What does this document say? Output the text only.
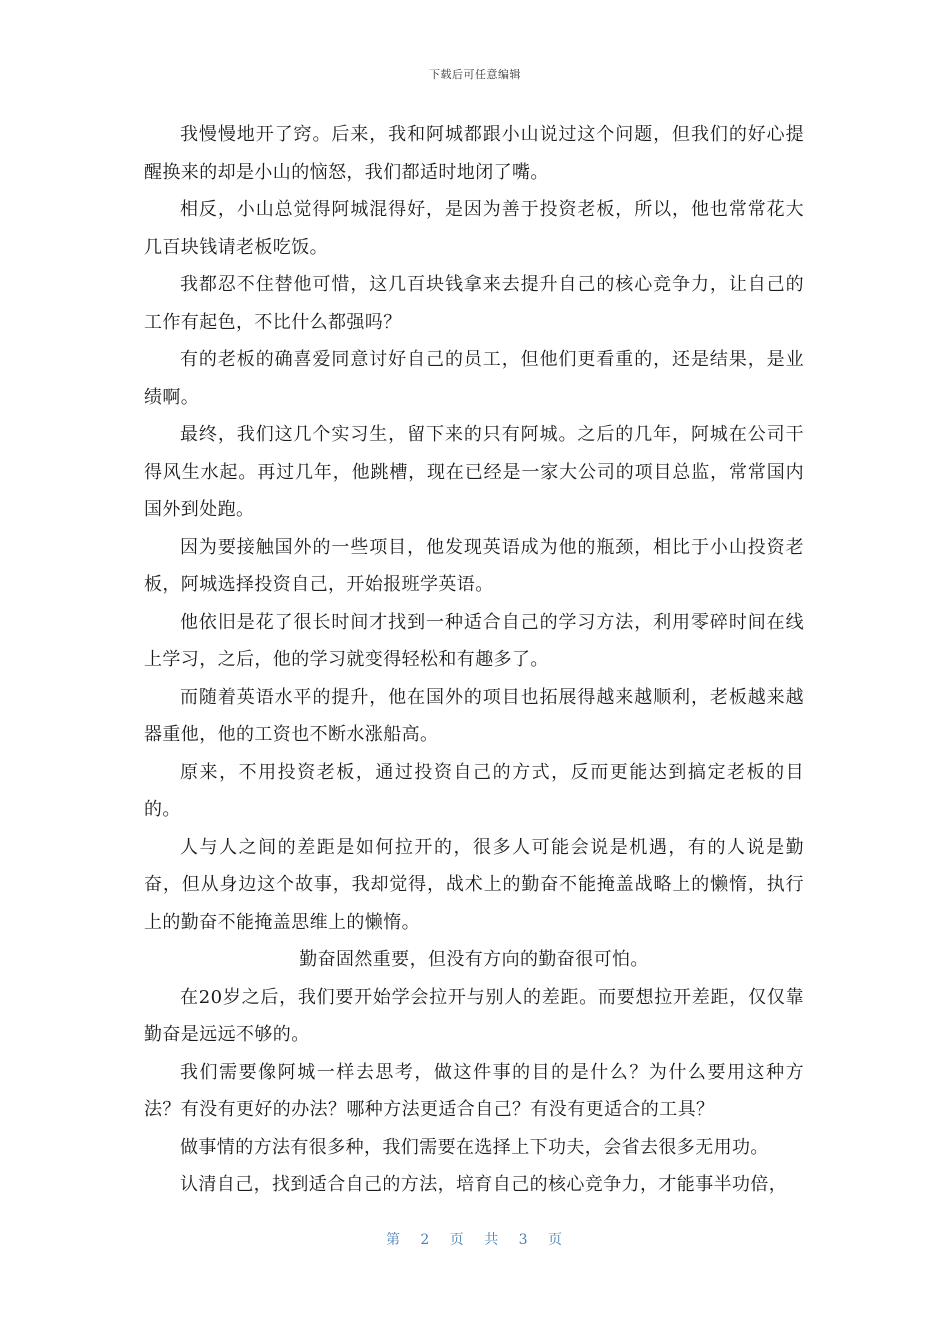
下载后可任意编辑

我慢慢地开了窍。后来，我和阿城都跟小山说过这个问题，但我们的好心提醒换来的却是小山的恼怒，我们都适时地闭了嘴。

相反，小山总觉得阿城混得好，是因为善于投资老板，所以，他也常常花大几百块钱请老板吃饭。

我都忍不住替他可惜，这几百块钱拿来去提升自己的核心竞争力，让自己的工作有起色，不比什么都强吗？

有的老板的确喜爱同意讨好自己的员工，但他们更看重的，还是结果，是业绩啊。

最终，我们这几个实习生，留下来的只有阿城。之后的几年，阿城在公司干得风生水起。再过几年，他跳槽，现在已经是一家大公司的项目总监，常常国内国外到处跑。

因为要接触国外的一些项目，他发现英语成为他的瓶颈，相比于小山投资老板，阿城选择投资自己，开始报班学英语。

他依旧是花了很长时间才找到一种适合自己的学习方法，利用零碎时间在线上学习，之后，他的学习就变得轻松和有趣多了。

而随着英语水平的提升，他在国外的项目也拓展得越来越顺利，老板越来越器重他，他的工资也不断水涨船高。

原来，不用投资老板，通过投资自己的方式，反而更能达到搞定老板的目的。

人与人之间的差距是如何拉开的，很多人可能会说是机遇，有的人说是勤奋，但从身边这个故事，我却觉得，战术上的勤奋不能掩盖战略上的懒惰，执行上的勤奋不能掩盖思维上的懒惰。

勤奋固然重要，但没有方向的勤奋很可怕。

在20岁之后，我们要开始学会拉开与别人的差距。而要想拉开差距，仅仅靠勤奋是远远不够的。

我们需要像阿城一样去思考，做这件事的目的是什么？为什么要用这种方法？有没有更好的办法？哪种方法更适合自己？有没有更适合的工具？

做事情的方法有很多种，我们需要在选择上下功夫，会省去很多无用功。

认清自己，找到适合自己的方法，培育自己的核心竞争力，才能事半功倍，

第 2 页 共 3 页
